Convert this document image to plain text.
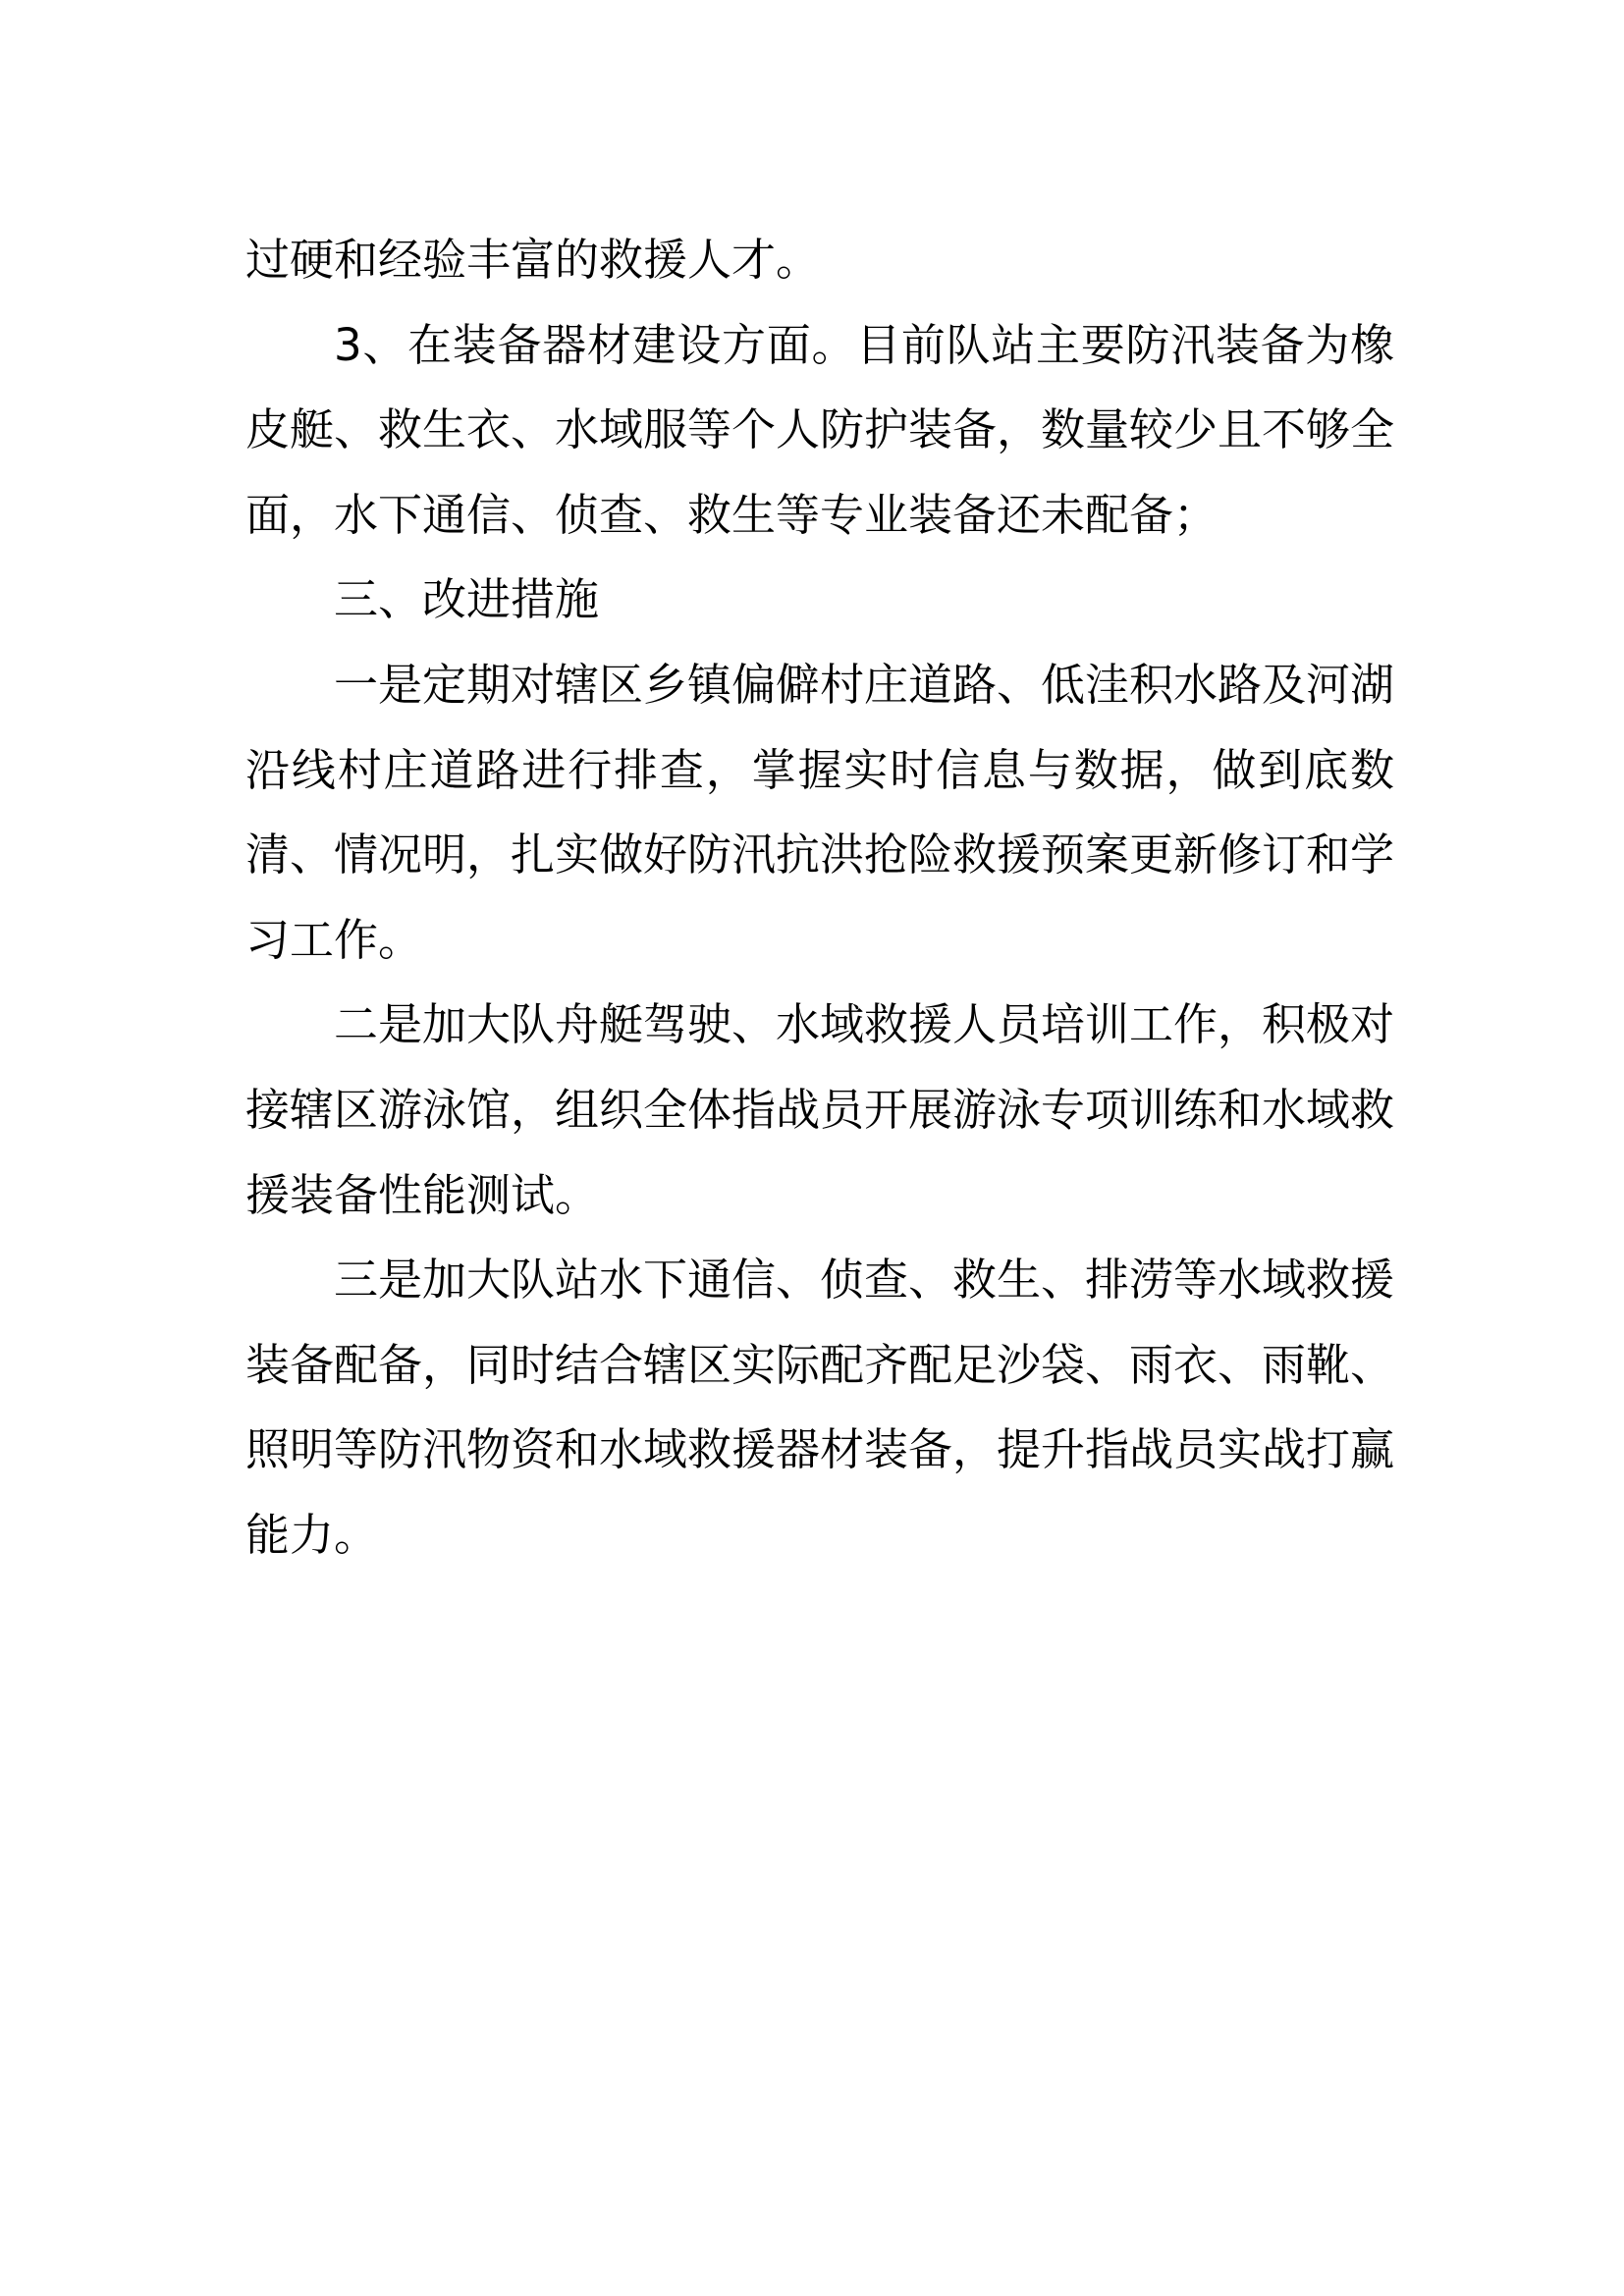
过硬和经验丰富的救援人才。

3、在装备器材建设方面。目前队站主要防汛装备为橡皮艇、救生衣、水域服等个人防护装备，数量较少且不够全面，水下通信、侦查、救生等专业装备还未配备；

三、改进措施

一是定期对辖区乡镇偏僻村庄道路、低洼积水路及河湖沿线村庄道路进行排查，掌握实时信息与数据，做到底数清、情况明，扎实做好防汛抗洪抢险救援预案更新修订和学习工作。

二是加大队舟艇驾驶、水域救援人员培训工作，积极对接辖区游泳馆，组织全体指战员开展游泳专项训练和水域救援装备性能测试。

三是加大队站水下通信、侦查、救生、排涝等水域救援装备配备，同时结合辖区实际配齐配足沙袋、雨衣、雨靴、照明等防汛物资和水域救援器材装备，提升指战员实战打赢能力。
